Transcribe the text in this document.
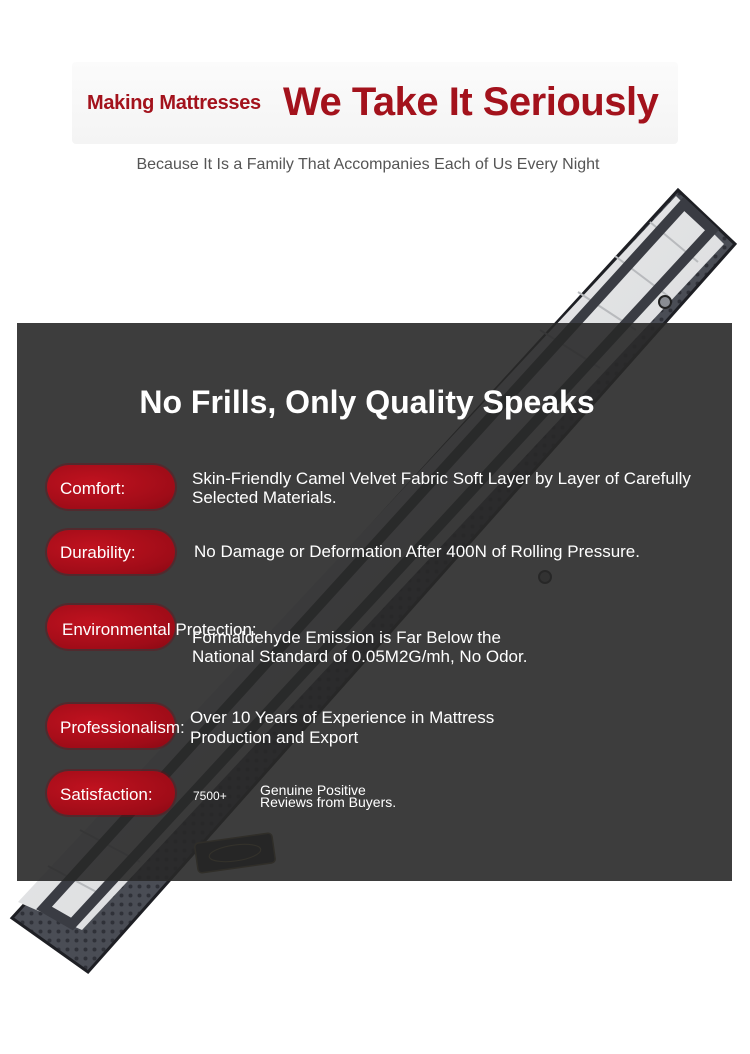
Making Mattresses We Take It Seriously
Because It Is a Family That Accompanies Each of Us Every Night
No Frills, Only Quality Speaks
Comfort:
Skin-Friendly Camel Velvet Fabric Soft Layer by Layer of Carefully
Selected Materials.
Durability:	No Damage or Deformation After 400N of Rolling Pressure.
Environmental Protection:
Formaldehyde Emission is Far Below the
National Standard of 0.05M2G/mh, No Odor.
Professionalism:
Over 10 Years of Experience in Mattress
Production and Export
Satisfaction:	7500+ Genuine Positive
Reviews from Buyers.
